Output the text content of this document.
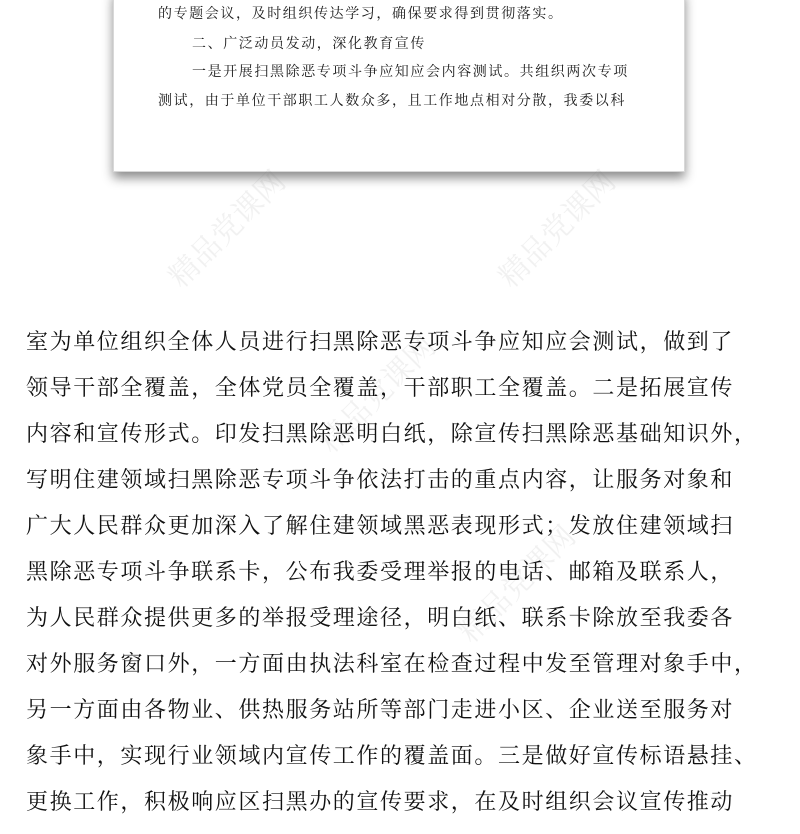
的专题会议，及时组织传达学习，确保要求得到贯彻落实。
二、广泛动员发动，深化教育宣传
一是开展扫黑除恶专项斗争应知应会内容测试。共组织两次专项
测试，由于单位干部职工人数众多，且工作地点相对分散，我委以科
精品党课网	精品党课网
精品党课网
精品党课网
室为单位组织全体人员进行扫黑除恶专项斗争应知应会测试，做到了
领导干部全覆盖，全体党员全覆盖，干部职工全覆盖。二是拓展宣传
内容和宣传形式。印发扫黑除恶明白纸，除宣传扫黑除恶基础知识外，
写明住建领域扫黑除恶专项斗争依法打击的重点内容，让服务对象和
广大人民群众更加深入了解住建领域黑恶表现形式；发放住建领域扫
黑除恶专项斗争联系卡，公布我委受理举报的电话、邮箱及联系人，
为人民群众提供更多的举报受理途径，明白纸、联系卡除放至我委各
对外服务窗口外，一方面由执法科室在检查过程中发至管理对象手中，
另一方面由各物业、供热服务站所等部门走进小区、企业送至服务对
象手中，实现行业领域内宣传工作的覆盖面。三是做好宣传标语悬挂、
更换工作，积极响应区扫黑办的宣传要求，在及时组织会议宣传推动
